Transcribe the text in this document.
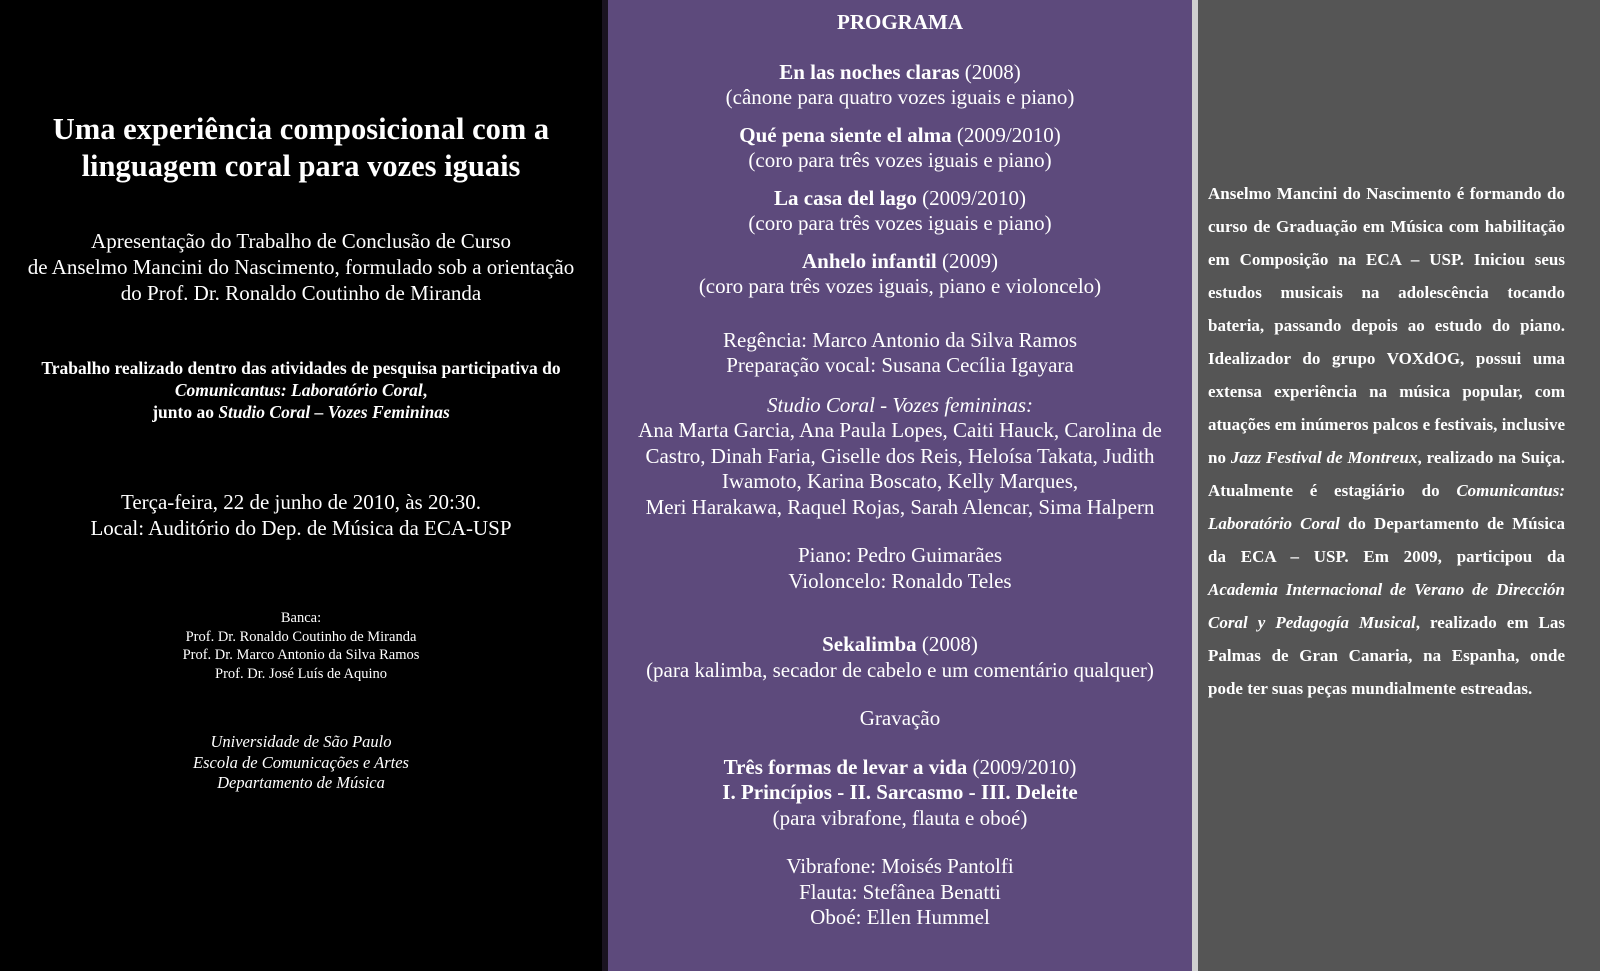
Uma experiência composicional com a
linguagem coral para vozes iguais
Apresentação do Trabalho de Conclusão de Curso
de Anselmo Mancini do Nascimento, formulado sob a orientação
do Prof. Dr. Ronaldo Coutinho de Miranda
Trabalho realizado dentro das atividades de pesquisa participativa do
Comunicantus: Laboratório Coral,
junto ao Studio Coral – Vozes Femininas
Terça-feira, 22 de junho de 2010, às 20:30.
Local: Auditório do Dep. de Música da ECA-USP
Banca:
Prof. Dr. Ronaldo Coutinho de Miranda
Prof. Dr. Marco Antonio da Silva Ramos
Prof. Dr. José Luís de Aquino
Universidade de São Paulo
Escola de Comunicações e Artes
Departamento de Música
PROGRAMA
En las noches claras (2008)
(cânone para quatro vozes iguais e piano)
Qué pena siente el alma (2009/2010)
(coro para três vozes iguais e piano)
La casa del lago (2009/2010)
(coro para três vozes iguais e piano)
Anhelo infantil (2009)
(coro para três vozes iguais, piano e violoncelo)
Regência: Marco Antonio da Silva Ramos
Preparação vocal: Susana Cecília Igayara
Studio Coral - Vozes femininas:
Ana Marta Garcia, Ana Paula Lopes, Caiti Hauck, Carolina de
Castro, Dinah Faria, Giselle dos Reis, Heloísa Takata, Judith
Iwamoto, Karina Boscato, Kelly Marques,
Meri Harakawa, Raquel Rojas, Sarah Alencar, Sima Halpern
Piano: Pedro Guimarães
Violoncelo: Ronaldo Teles
Sekalimba (2008)
(para kalimba, secador de cabelo e um comentário qualquer)
Gravação
Três formas de levar a vida (2009/2010)
I. Princípios - II. Sarcasmo - III. Deleite
(para vibrafone, flauta e oboé)
Vibrafone: Moisés Pantolfi
Flauta: Stefânea Benatti
Oboé: Ellen Hummel
Anselmo Mancini do Nascimento é formando do curso de Graduação em Música com habilitação em Composição na ECA – USP. Iniciou seus estudos musicais na adolescência tocando bateria, passando depois ao estudo do piano. Idealizador do grupo VOXdOG, possui uma extensa experiência na música popular, com atuações em inúmeros palcos e festivais, inclusive no Jazz Festival de Montreux, realizado na Suiça. Atualmente é estagiário do Comunicantus: Laboratório Coral do Departamento de Música da ECA – USP. Em 2009, participou da Academia Internacional de Verano de Dirección Coral y Pedagogía Musical, realizado em Las Palmas de Gran Canaria, na Espanha, onde pode ter suas peças mundialmente estreadas.
